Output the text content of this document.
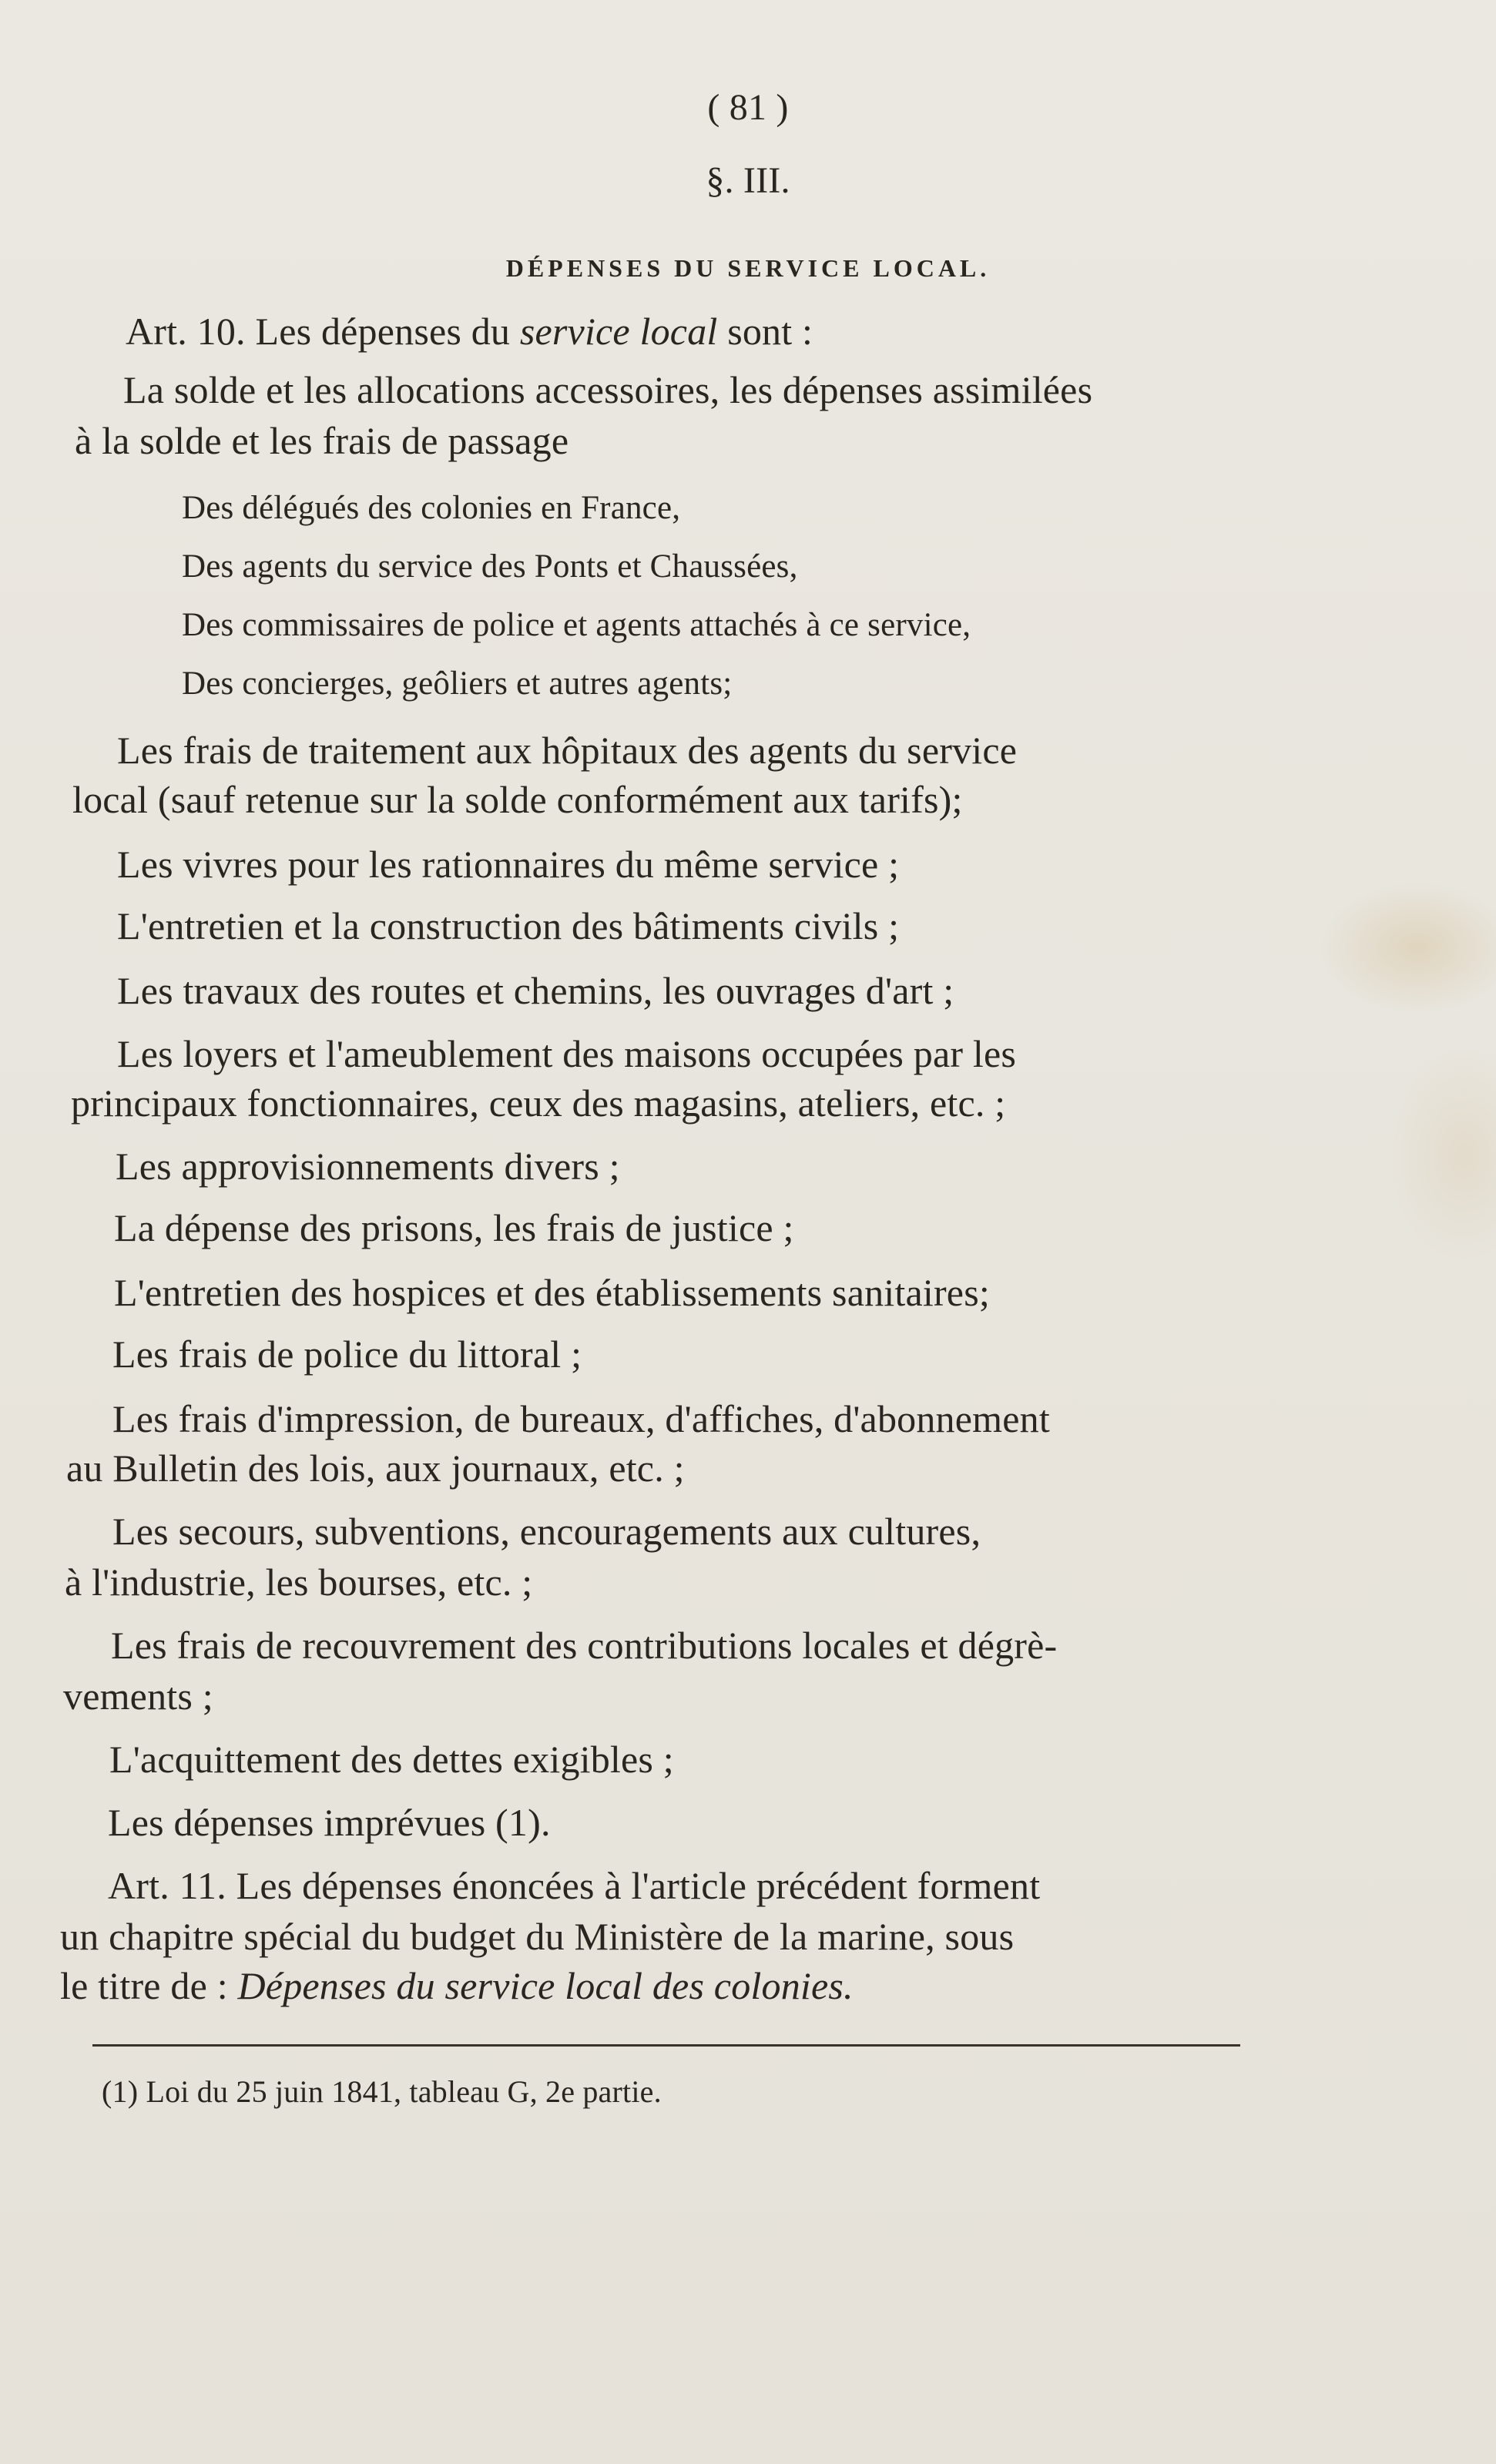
( 81 )
§. III.
DÉPENSES DU SERVICE LOCAL.
Art. 10. Les dépenses du service local sont :
La solde et les allocations accessoires, les dépenses assimilées
à la solde et les frais de passage
Des délégués des colonies en France,
Des agents du service des Ponts et Chaussées,
Des commissaires de police et agents attachés à ce service,
Des concierges, geôliers et autres agents;
Les frais de traitement aux hôpitaux des agents du service
local (sauf retenue sur la solde conformément aux tarifs);
Les vivres pour les rationnaires du même service ;
L'entretien et la construction des bâtiments civils ;
Les travaux des routes et chemins, les ouvrages d'art ;
Les loyers et l'ameublement des maisons occupées par les
principaux fonctionnaires, ceux des magasins, ateliers, etc. ;
Les approvisionnements divers ;
La dépense des prisons, les frais de justice ;
L'entretien des hospices et des établissements sanitaires;
Les frais de police du littoral ;
Les frais d'impression, de bureaux, d'affiches, d'abonnement
au Bulletin des lois, aux journaux, etc. ;
Les secours, subventions, encouragements aux cultures,
à l'industrie, les bourses, etc. ;
Les frais de recouvrement des contributions locales et dégrè-
vements ;
L'acquittement des dettes exigibles ;
Les dépenses imprévues (1).
Art. 11. Les dépenses énoncées à l'article précédent forment
un chapitre spécial du budget du Ministère de la marine, sous
le titre de : Dépenses du service local des colonies.
(1) Loi du 25 juin 1841, tableau G, 2e partie.
